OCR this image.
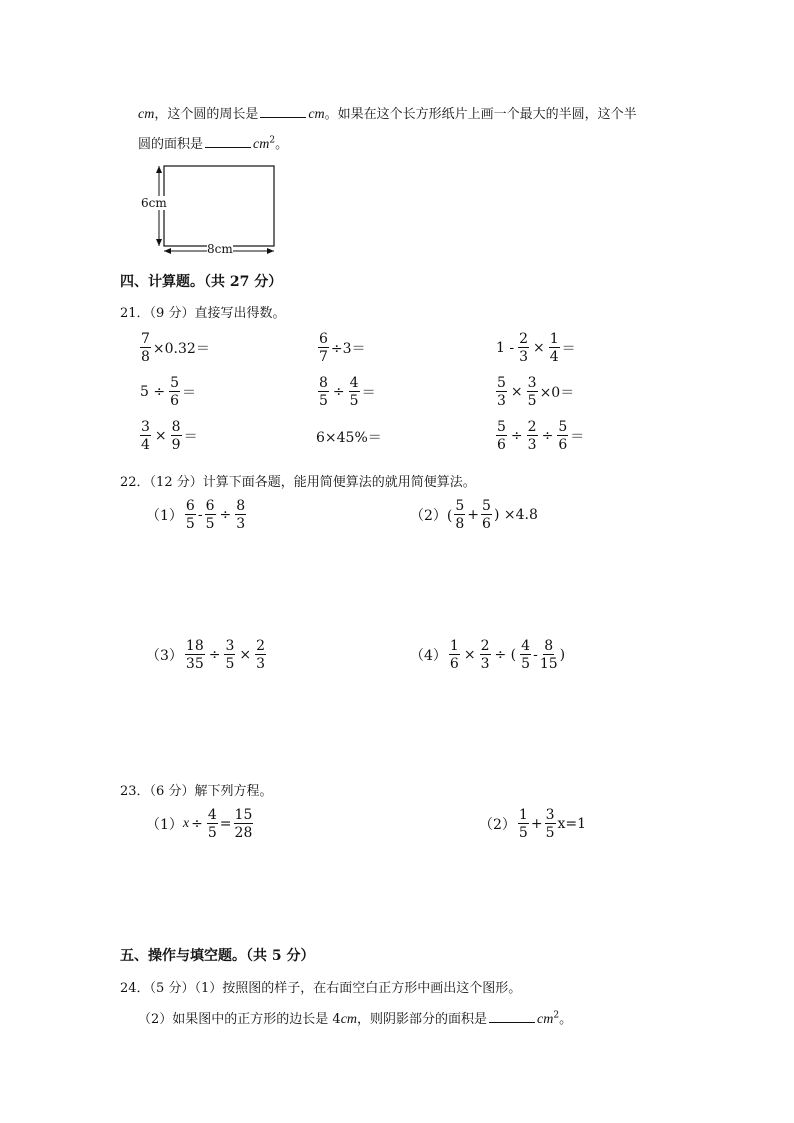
cm，这个圆的周长是	cm。如果在这个长方形纸片上画一个最大的半圆，这个半
圆的面积是	$cm^2$。
6cm
8cm
四、计算题。（共 27 分）
21．（9 分）直接写出得数。
$\frac{7}{8} \times 0.32=$	$\frac{6}{7} \div 3=$	$1 - \frac{2}{3} \times \frac{1}{4}$ ＝
$5 \div \frac{5}{6}$ ＝	$\frac{8}{5} \div \frac{4}{5}$ ＝	$\frac{5}{3} \times \frac{3}{5} \times 0=$
$\frac{3}{4} \times \frac{8}{9}$ ＝	6×45%＝	$\frac{5}{6} \div \frac{2}{3} \div \frac{5}{6}$ ＝
22．（12 分）计算下面各题，能用简便算法的就用简便算法。
$(1) \frac{6}{5} - \frac{6}{5} \div \frac{8}{3}$	$(2)( \frac{5}{8} + \frac{5}{6}$ ) ×4.8
$(3) \frac{18}{35} \div \frac{3}{5} \times \frac{2}{3}$	$(4) \frac{1}{6} \times \frac{2}{3}$ ÷ ( $\frac{4}{5} - \frac{8}{15}$ )
23．（6 分）解下列方程。
（1） $x \div \frac{4}{5} = \frac{15}{28}$	$(2) \frac{1}{5} + \frac{3}{5} x=1$
五、操作与填空题。（共 5 分）
24．（5 分）（1）按照图的样子，在右面空白正方形中画出这个图形。
（2）如果图中的正方形的边长是 4cm，则阴影部分的面积是	$cm^2$。
